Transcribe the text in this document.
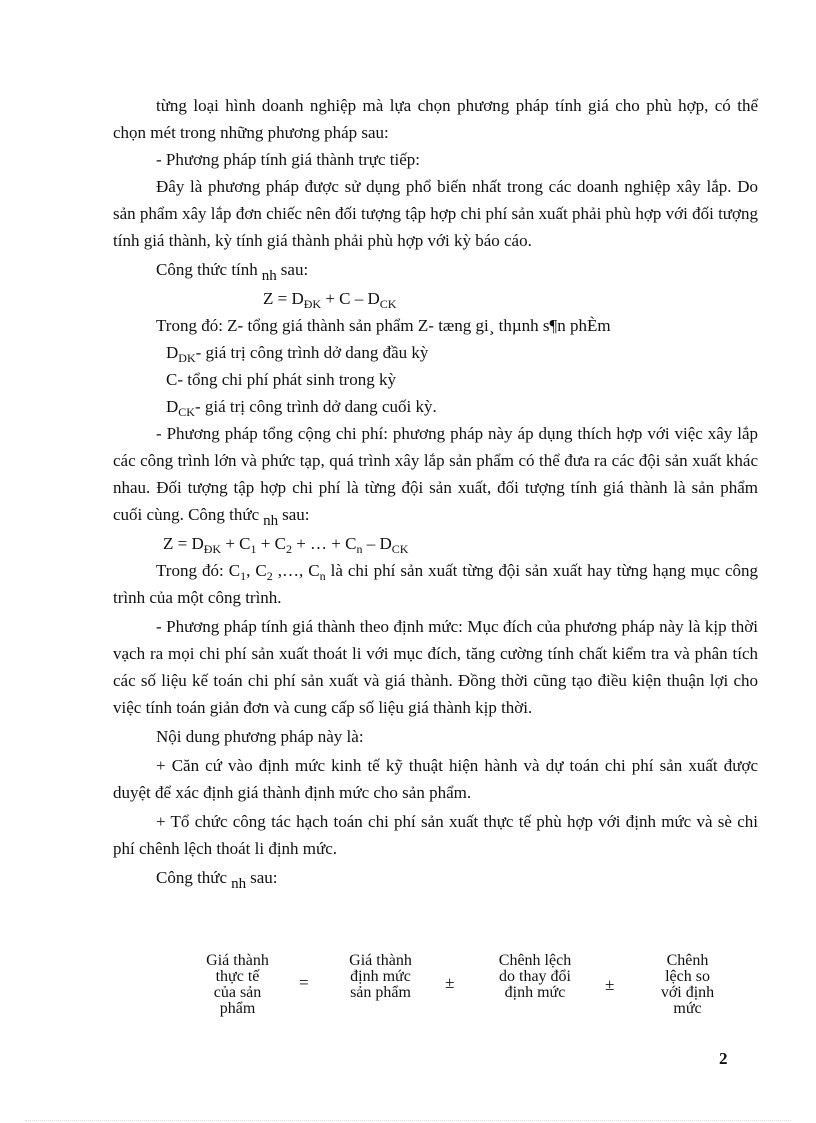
từng loại hình doanh nghiệp mà lựa chọn phương pháp tính giá cho phù hợp, có thể chọn mét trong những phương pháp sau:

- Phương pháp tính giá thành trực tiếp:

Đây là phương pháp được sử dụng phổ biến nhất trong các doanh nghiệp xây lắp. Do sản phẩm xây lắp đơn chiếc nên đối tượng tập hợp chi phí sản xuất phải phù hợp với đối tượng tính giá thành, kỳ tính giá thành phải phù hợp với kỳ báo cáo.

Công thức tính nh sau:

$Z = D_{ĐK} + C - D_{CK}$

Trong đó: Z- tổng giá thành sản phẩm Z- tæng gi¸ thµnh s¶n phÈm

$D_{DK}-$ giá trị công trình dở dang đầu kỳ

C- tổng chi phí phát sinh trong kỳ

$D_{CK}-$ giá trị công trình dở dang cuối kỳ.

- Phương pháp tổng cộng chi phí: phương pháp này áp dụng thích hợp với việc xây lắp các công trình lớn và phức tạp, quá trình xây lắp sản phẩm có thể đưa ra các đội sản xuất khác nhau. Đối tượng tập hợp chi phí là từng đội sản xuất, đối tượng tính giá thành là sản phẩm cuối cùng. Công thức nh sau:

$Z = D_{ĐK} + C_1 + C_2$ + … + $C_n - D_{CK}$

Trong đó: $C_1$, $C_2$ ,…, $C_n$ là chi phí sản xuất từng đội sản xuất hay từng hạng mục công trình của một công trình.

- Phương pháp tính giá thành theo định mức: Mục đích của phương pháp này là kịp thời vạch ra mọi chi phí sản xuất thoát li với mục đích, tăng cường tính chất kiểm tra và phân tích các số liệu kế toán chi phí sản xuất và giá thành. Đồng thời cũng tạo điều kiện thuận lợi cho việc tính toán giản đơn và cung cấp số liệu giá thành kịp thời.

Nội dung phương pháp này là:

+ Căn cứ vào định mức kinh tế kỹ thuật hiện hành và dự toán chi phí sản xuất được duyệt để xác định giá thành định mức cho sản phẩm.

+ Tổ chức công tác hạch toán chi phí sản xuất thực tế phù hợp với định mức và sè chi phí chênh lệch thoát li định mức.

Công thức nh sau:

Giá thành
thực tế
của sản
phẩm
=
Giá thành
định mức
sản phẩm
±
Chênh lệch
do thay đổi
định mức	±
Chênh
lệch so
với định
mức
2
